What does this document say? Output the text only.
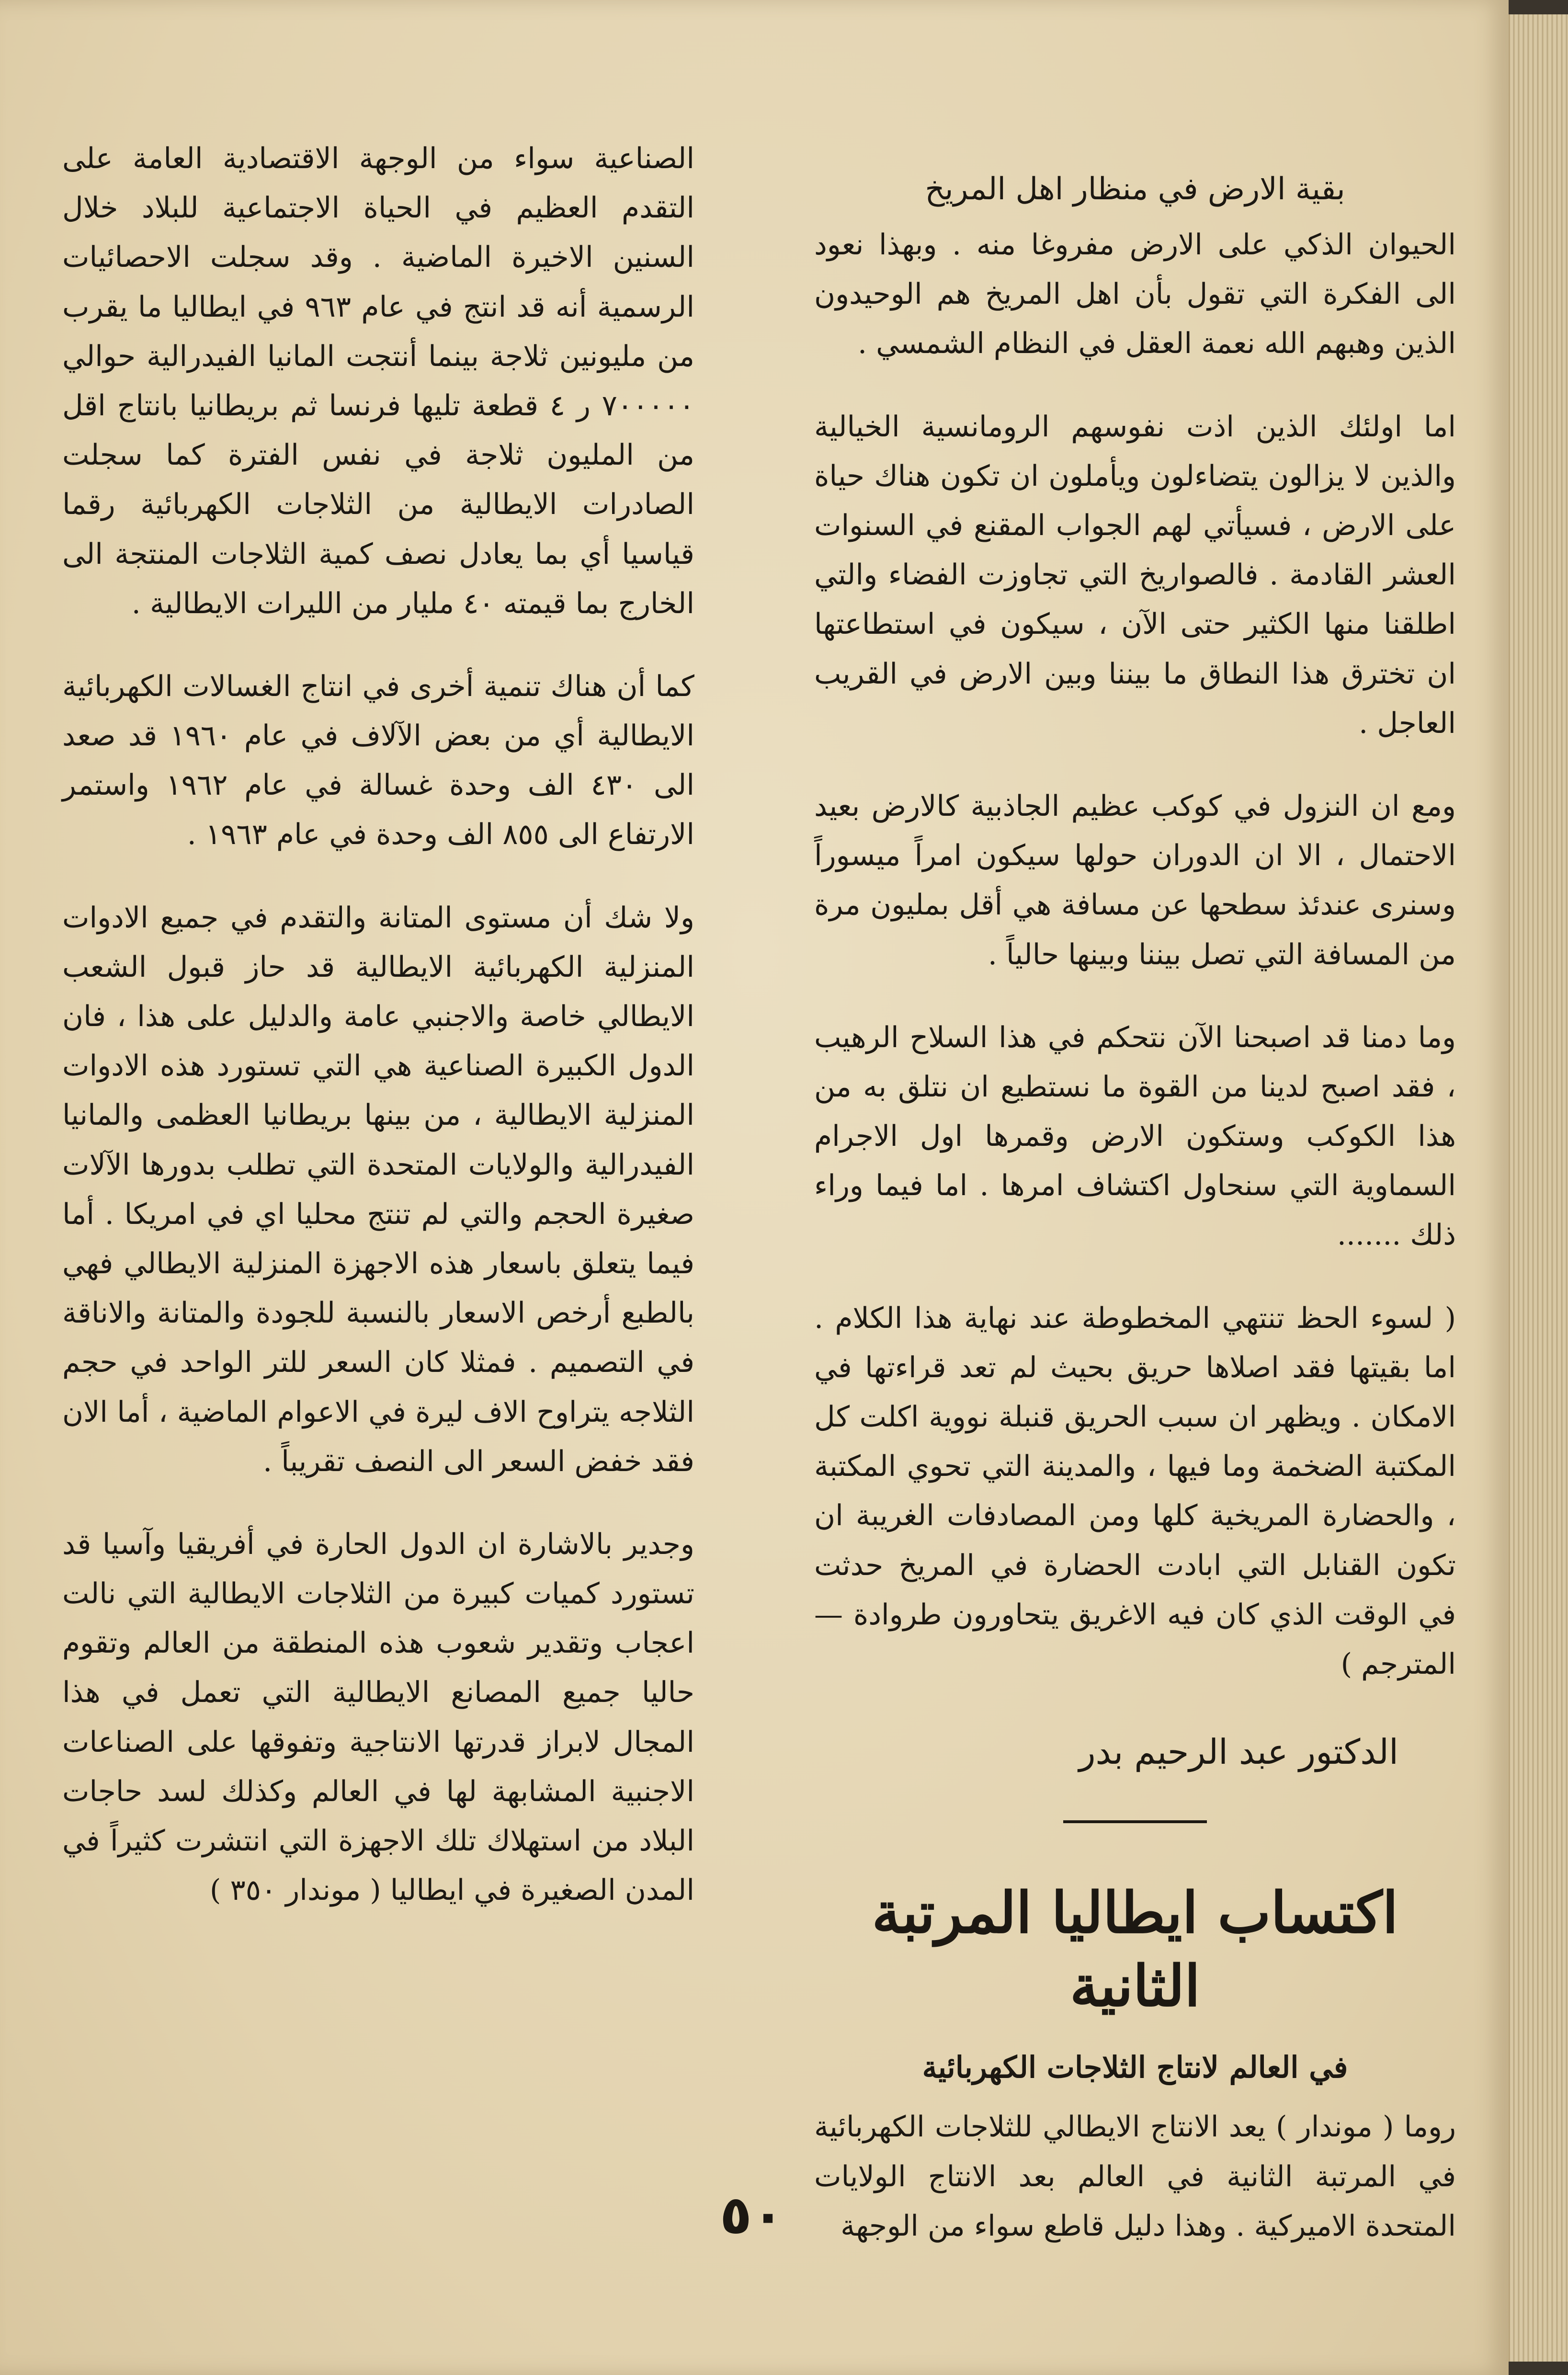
بقية الارض في منظار اهل المريخ

الحيوان الذكي على الارض مفروغا منه . وبهذا نعود الى الفكرة التي تقول بأن اهل المريخ هم الوحيدون الذين وهبهم الله نعمة العقل في النظام الشمسي .

اما اولئك الذين اذت نفوسهم الرومانسية الخيالية والذين لا يزالون يتضاءلون ويأملون ان تكون هناك حياة على الارض ، فسيأتي لهم الجواب المقنع في السنوات العشر القادمة . فالصواريخ التي تجاوزت الفضاء والتي اطلقنا منها الكثير حتى الآن ، سيكون في استطاعتها ان تخترق هذا النطاق ما بيننا وبين الارض في القريب العاجل .

ومع ان النزول في كوكب عظيم الجاذبية كالارض بعيد الاحتمال ، الا ان الدوران حولها سيكون امراً ميسوراً وسنرى عندئذ سطحها عن مسافة هي أقل بمليون مرة من المسافة التي تصل بيننا وبينها حالياً .

وما دمنا قد اصبحنا الآن نتحكم في هذا السلاح الرهيب ، فقد اصبح لدينا من القوة ما نستطيع ان نتلق به من هذا الكوكب وستكون الارض وقمرها اول الاجرام السماوية التي سنحاول اكتشاف امرها . اما فيما وراء ذلك .......

( لسوء الحظ تنتهي المخطوطة عند نهاية هذا الكلام . اما بقيتها فقد اصلاها حريق بحيث لم تعد قراءتها في الامكان . ويظهر ان سبب الحريق قنبلة نووية اكلت كل المكتبة الضخمة وما فيها ، والمدينة التي تحوي المكتبة ، والحضارة المريخية كلها ومن المصادفات الغريبة ان تكون القنابل التي ابادت الحضارة في المريخ حدثت في الوقت الذي كان فيه الاغريق يتحاورون طروادة — المترجم )

الدكتور عبد الرحيم بدر
اكتساب ايطاليا المرتبة الثانية
في العالم لانتاج الثلاجات الكهربائية

روما ( موندار ) يعد الانتاج الايطالي للثلاجات الكهربائية في المرتبة الثانية في العالم بعد الانتاج الولايات المتحدة الاميركية . وهذا دليل قاطع سواء من الوجهة

الصناعية سواء من الوجهة الاقتصادية العامة على التقدم العظيم في الحياة الاجتماعية للبلاد خلال السنين الاخيرة الماضية . وقد سجلت الاحصائيات الرسمية أنه قد انتج في عام ٩٦٣ في ايطاليا ما يقرب من مليونين ثلاجة بينما أنتجت المانيا الفيدرالية حوالي ٧٠٠٠٠٠ ر ٤ قطعة تليها فرنسا ثم بريطانيا بانتاج اقل من المليون ثلاجة في نفس الفترة كما سجلت الصادرات الايطالية من الثلاجات الكهربائية رقما قياسيا أي بما يعادل نصف كمية الثلاجات المنتجة الى الخارج بما قيمته ٤٠ مليار من الليرات الايطالية .

كما أن هناك تنمية أخرى في انتاج الغسالات الكهربائية الايطالية أي من بعض الآلاف في عام ١٩٦٠ قد صعد الى ٤٣٠ الف وحدة غسالة في عام ١٩٦٢ واستمر الارتفاع الى ٨٥٥ الف وحدة في عام ١٩٦٣ .

ولا شك أن مستوى المتانة والتقدم في جميع الادوات المنزلية الكهربائية الايطالية قد حاز قبول الشعب الايطالي خاصة والاجنبي عامة والدليل على هذا ، فان الدول الكبيرة الصناعية هي التي تستورد هذه الادوات المنزلية الايطالية ، من بينها بريطانيا العظمى والمانيا الفيدرالية والولايات المتحدة التي تطلب بدورها الآلات صغيرة الحجم والتي لم تنتج محليا اي في امريكا . أما فيما يتعلق باسعار هذه الاجهزة المنزلية الايطالي فهي بالطبع أرخص الاسعار بالنسبة للجودة والمتانة والاناقة في التصميم . فمثلا كان السعر للتر الواحد في حجم الثلاجه يتراوح الاف ليرة في الاعوام الماضية ، أما الان فقد خفض السعر الى النصف تقريباً .

وجدير بالاشارة ان الدول الحارة في أفريقيا وآسيا قد تستورد كميات كبيرة من الثلاجات الايطالية التي نالت اعجاب وتقدير شعوب هذه المنطقة من العالم وتقوم حاليا جميع المصانع الايطالية التي تعمل في هذا المجال لابراز قدرتها الانتاجية وتفوقها على الصناعات الاجنبية المشابهة لها في العالم وكذلك لسد حاجات البلاد من استهلاك تلك الاجهزة التي انتشرت كثيراً في المدن الصغيرة في ايطاليا ( موندار ٣٥٠ )

٥٠
